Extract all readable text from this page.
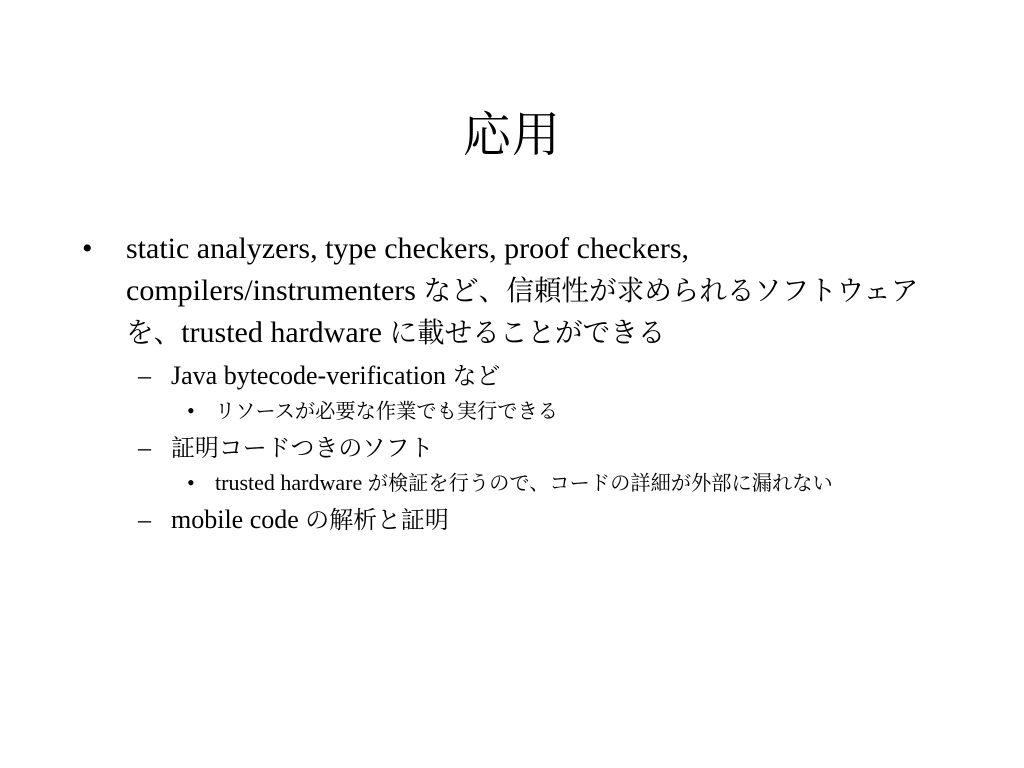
応用
• static analyzers, type checkers, proof checkers, compilers/instrumenters など、信頼性が求められるソフトウェアを、trusted hardware に載せることができる
– Java bytecode-verification など
• リソースが必要な作業でも実行できる
– 証明コードつきのソフト
• trusted hardware が検証を行うので、コードの詳細が外部に漏れない
– mobile code の解析と証明
